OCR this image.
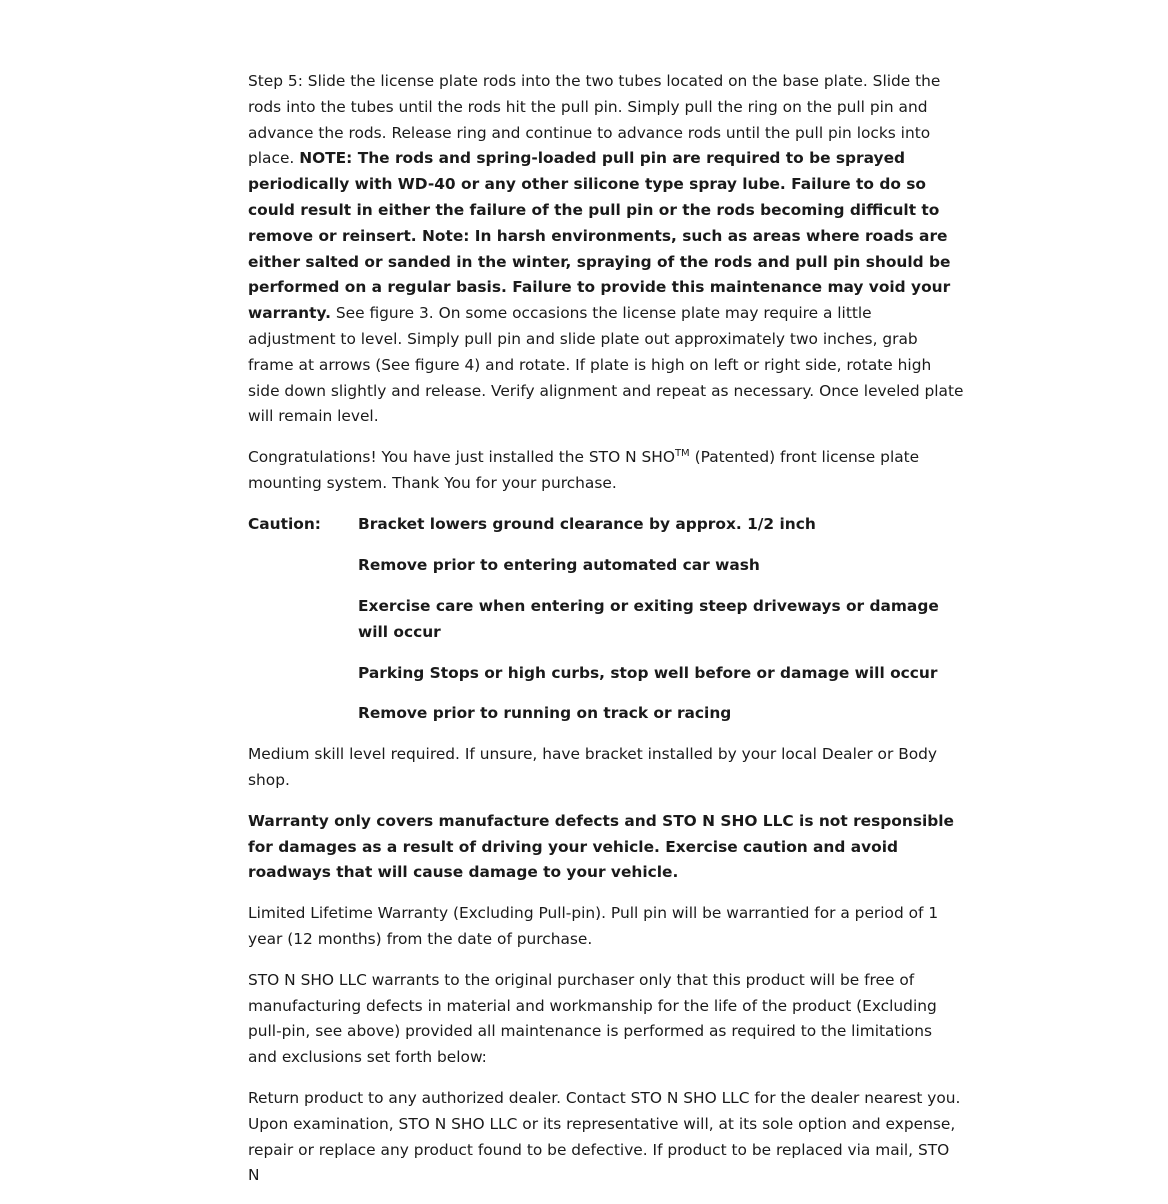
Step 5: Slide the license plate rods into the two tubes located on the base plate. Slide the rods into the tubes until the rods hit the pull pin. Simply pull the ring on the pull pin and advance the rods. Release ring and continue to advance rods until the pull pin locks into place. NOTE: The rods and spring-loaded pull pin are required to be sprayed periodically with WD-40 or any other silicone type spray lube. Failure to do so could result in either the failure of the pull pin or the rods becoming difficult to remove or reinsert. Note: In harsh environments, such as areas where roads are either salted or sanded in the winter, spraying of the rods and pull pin should be performed on a regular basis. Failure to provide this maintenance may void your warranty. See figure 3. On some occasions the license plate may require a little adjustment to level. Simply pull pin and slide plate out approximately two inches, grab frame at arrows (See figure 4) and rotate. If plate is high on left or right side, rotate high side down slightly and release. Verify alignment and repeat as necessary. Once leveled plate will remain level.

Congratulations! You have just installed the STO N SHO™ (Patented) front license plate mounting system. Thank You for your purchase.

Caution:	Bracket lowers ground clearance by approx. 1/2 inch
Remove prior to entering automated car wash
Exercise care when entering or exiting steep driveways or damage will occur
Parking Stops or high curbs, stop well before or damage will occur
Remove prior to running on track or racing

Medium skill level required. If unsure, have bracket installed by your local Dealer or Body shop.

Warranty only covers manufacture defects and STO N SHO LLC is not responsible for damages as a result of driving your vehicle. Exercise caution and avoid roadways that will cause damage to your vehicle.

Limited Lifetime Warranty (Excluding Pull-pin). Pull pin will be warrantied for a period of 1 year (12 months) from the date of purchase.

STO N SHO LLC warrants to the original purchaser only that this product will be free of manufacturing defects in material and workmanship for the life of the product (Excluding pull-pin, see above) provided all maintenance is performed as required to the limitations and exclusions set forth below:

Return product to any authorized dealer. Contact STO N SHO LLC for the dealer nearest you. Upon examination, STO N SHO LLC or its representative will, at its sole option and expense, repair or replace any product found to be defective. If product to be replaced via mail, STO N
